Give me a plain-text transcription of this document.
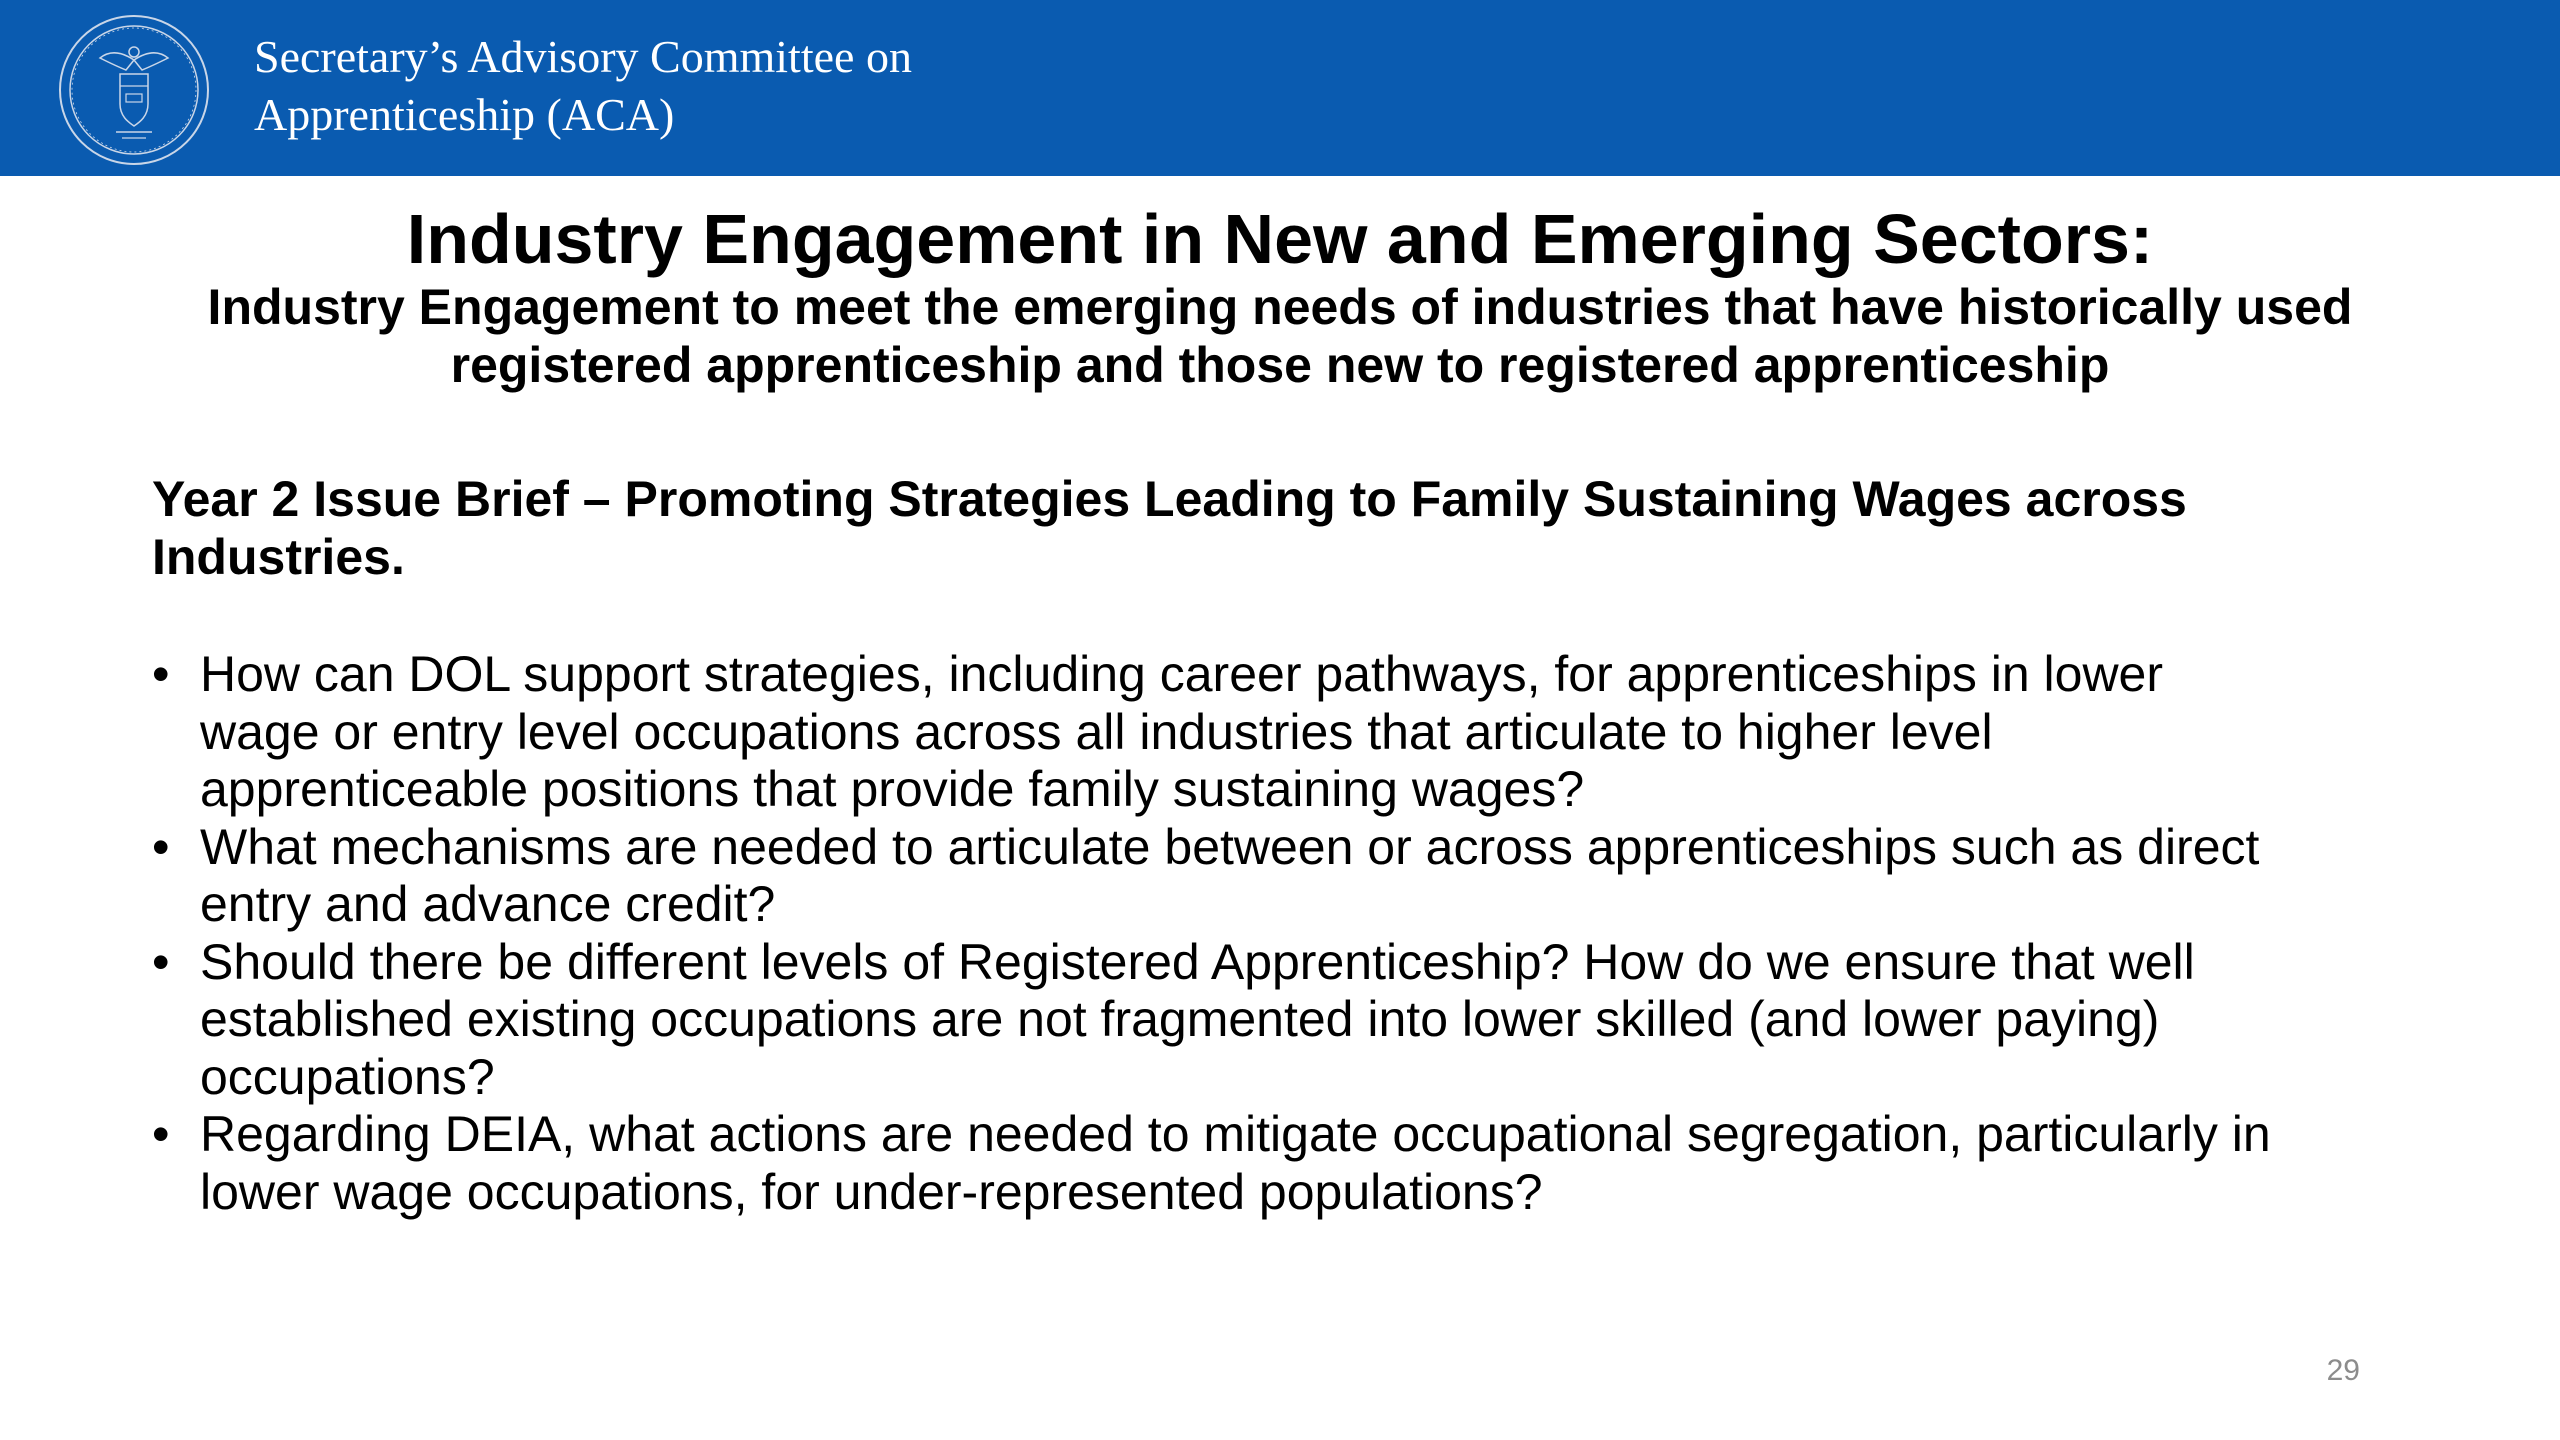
Secretary’s Advisory Committee on
Apprenticeship (ACA)
Industry Engagement in New and Emerging Sectors:
Industry Engagement to meet the emerging needs of industries that have historically used
registered apprenticeship and those new to registered apprenticeship
Year 2 Issue Brief – Promoting Strategies Leading to Family Sustaining Wages across
Industries.
• How can DOL support strategies, including career pathways, for apprenticeships in lower
wage or entry level occupations across all industries that articulate to higher level
apprenticeable positions that provide family sustaining wages?
• What mechanisms are needed to articulate between or across apprenticeships such as direct
entry and advance credit?
• Should there be different levels of Registered Apprenticeship? How do we ensure that well
established existing occupations are not fragmented into lower skilled (and lower paying)
occupations?
• Regarding DEIA, what actions are needed to mitigate occupational segregation, particularly in
lower wage occupations, for under-represented populations?
29
